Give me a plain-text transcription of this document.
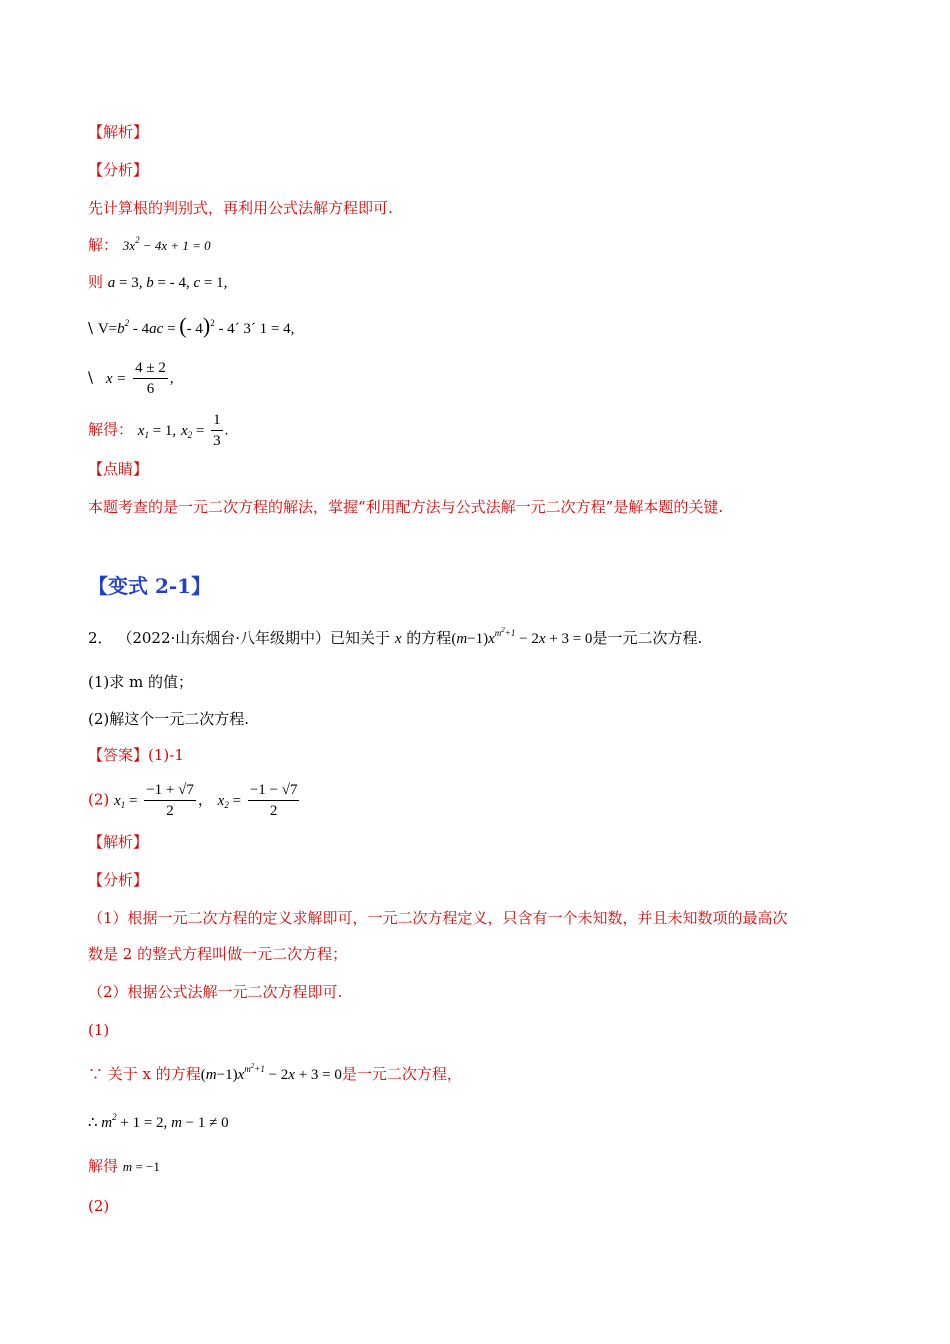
【解析】
【分析】
先计算根的判别式，再利用公式法解方程即可.
解： $3x^2 - 4x + 1 = 0$
则 a = 3, b = - 4, c = 1,
\ $V=b^2 - 4ac$ = (- 4)$^2$ - 4´ 3´ 1 = 4,
\ $x = \frac{4 \pm 2}{6}$ ,
解得： $x_1 = 1$, $x_2 = \frac{1}{3}$ .
【点睛】
本题考查的是一元二次方程的解法，掌握“利用配方法与公式法解一元二次方程”是解本题的关键.
【变式 2-1】
2． （2022·山东烟台·八年级期中）已知关于 x 的方程$(m-1)x^{m^2+1} - 2x + 3 = 0$是一元二次方程.
(1)求 m 的值；
(2)解这个一元二次方程.
【答案】(1)-1
(2) $x_1 = \frac{-1 + √7}{2}$ ， $x_2 = \frac{-1 - √7}{2}$
【解析】
【分析】
（1）根据一元二次方程的定义求解即可，一元二次方程定义，只含有一个未知数，并且未知数项的最高次
数是 2 的整式方程叫做一元二次方程；
（2）根据公式法解一元二次方程即可.
(1)
∵ 关于 x 的方程$(m-1)x^{m^2+1} - 2x + 3 = 0$是一元二次方程，
∴ $m^2 + 1 = 2$, m − 1 ≠ 0
解得 m = −1
(2)
